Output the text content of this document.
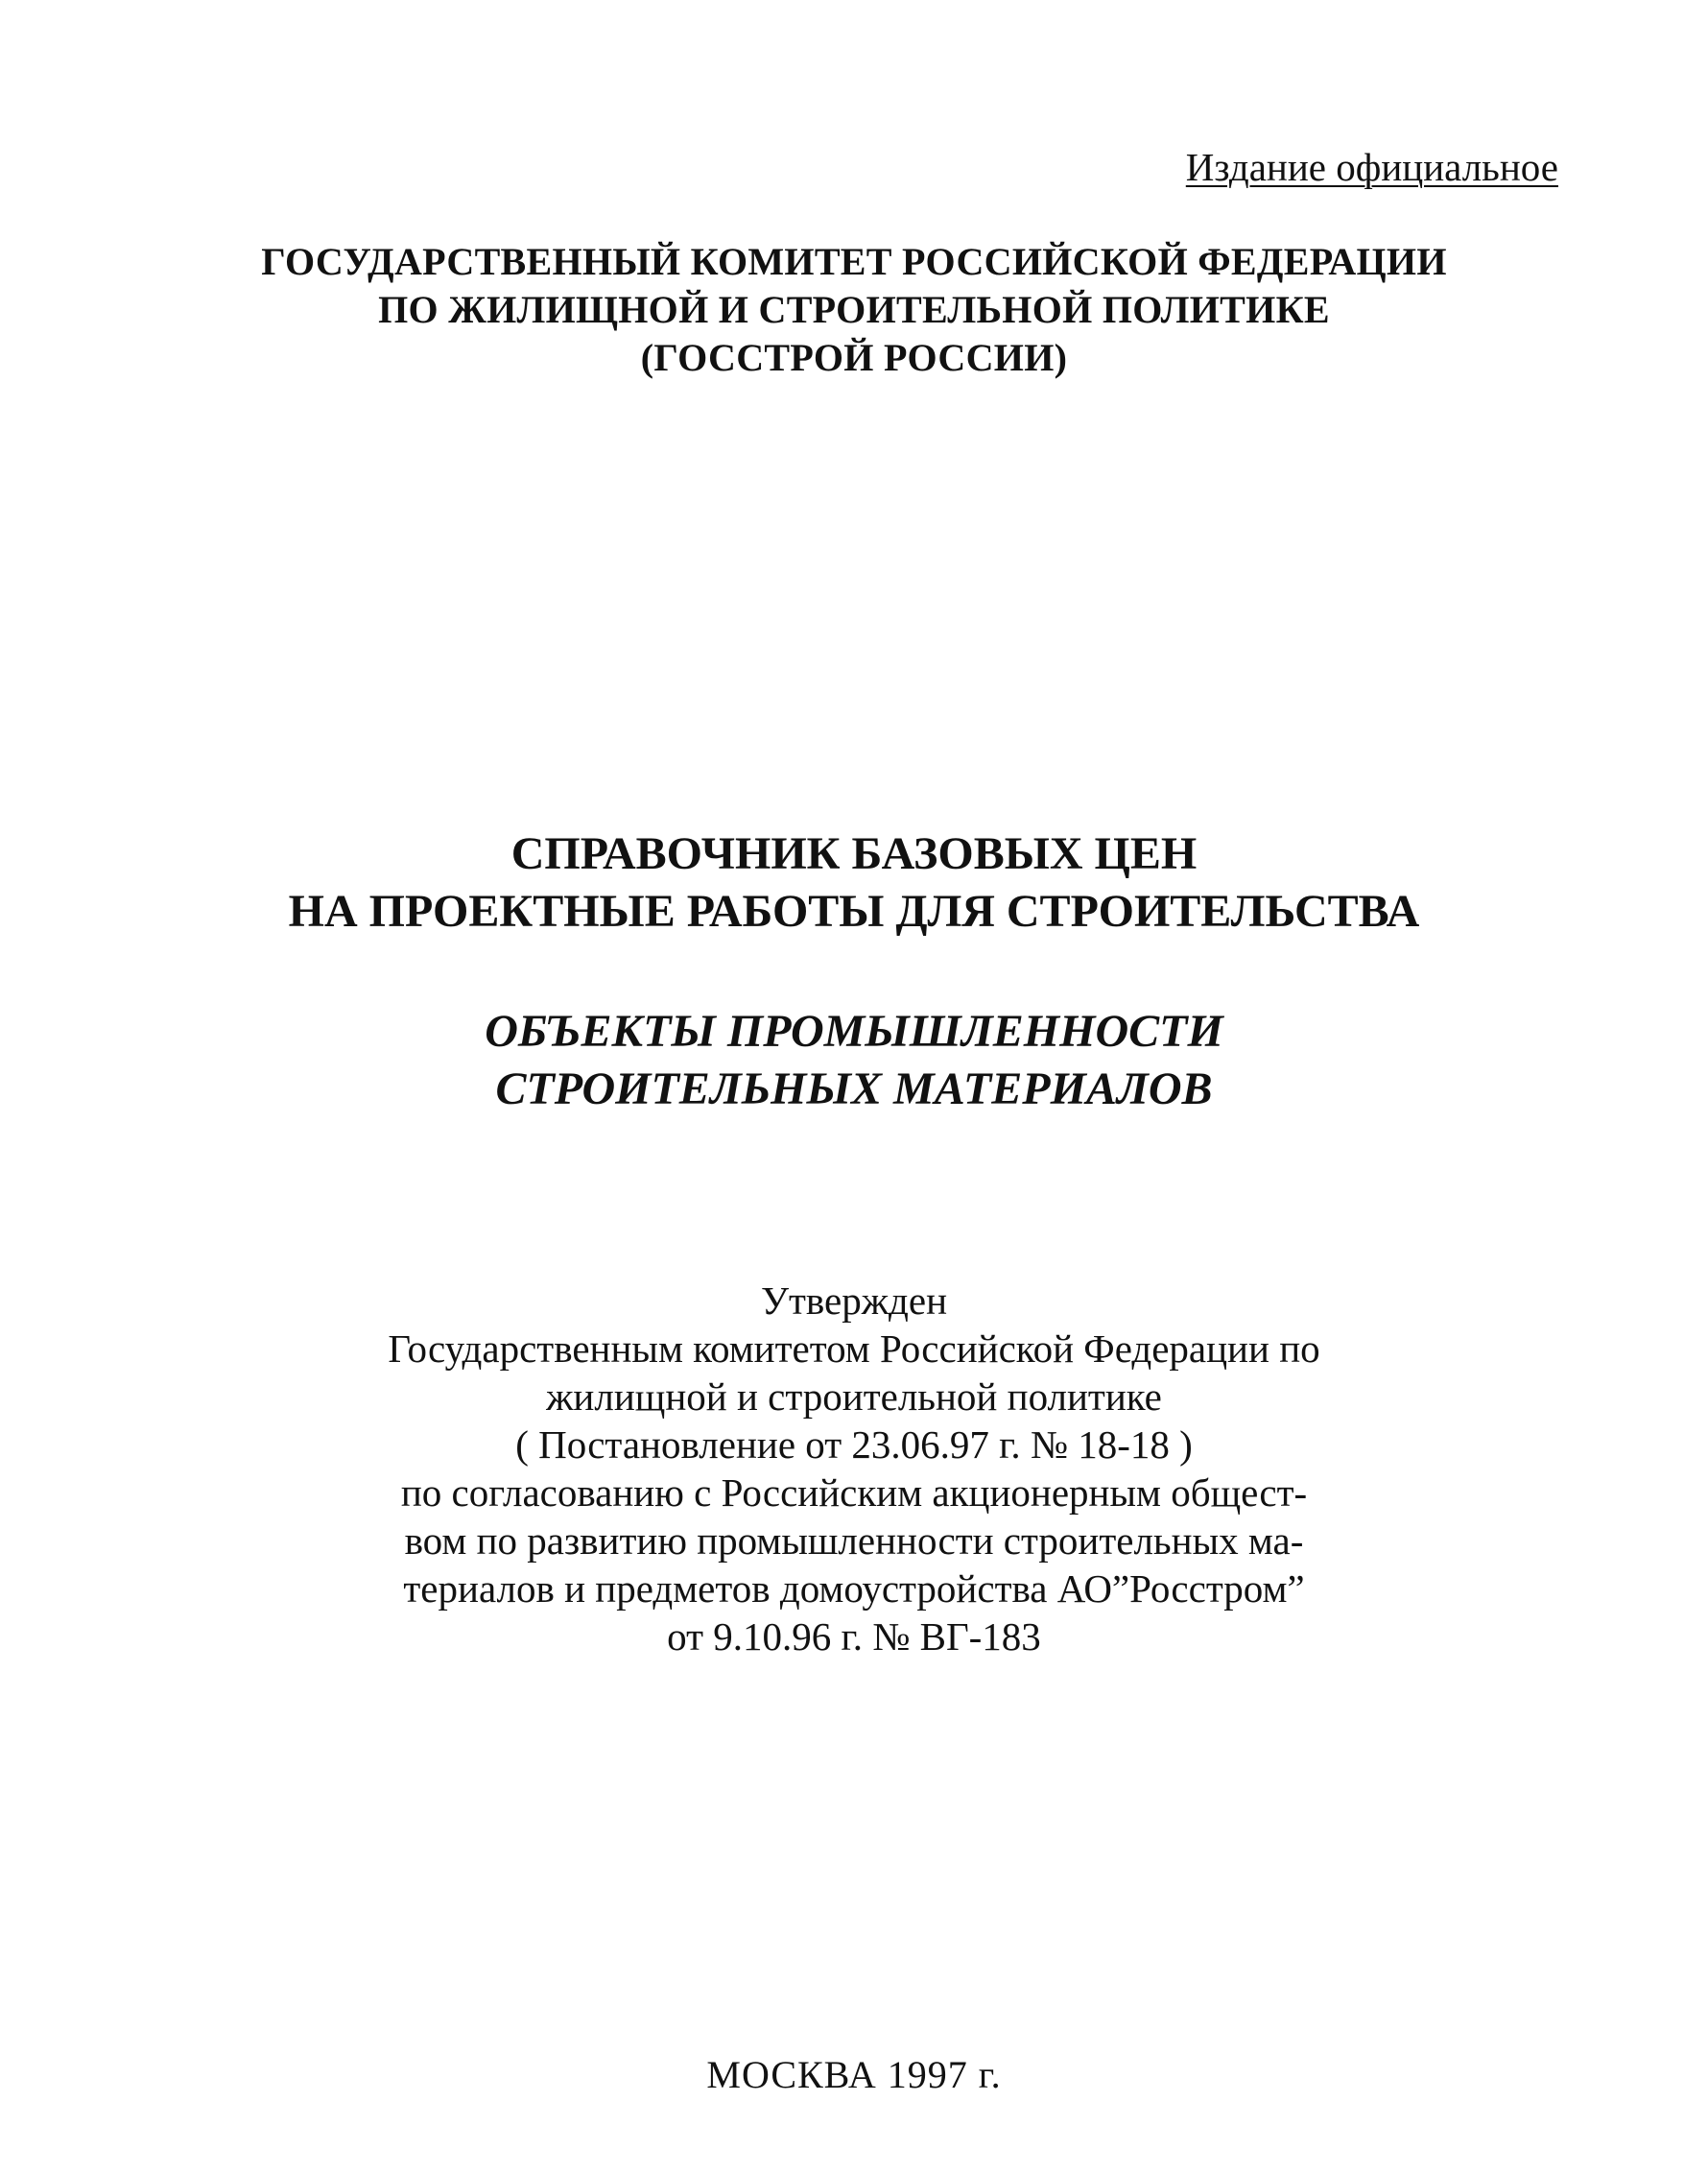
Издание официальное
ГОСУДАРСТВЕННЫЙ КОМИТЕТ РОССИЙСКОЙ ФЕДЕРАЦИИ
ПО ЖИЛИЩНОЙ И СТРОИТЕЛЬНОЙ ПОЛИТИКЕ
(ГОССТРОЙ РОССИИ)
СПРАВОЧНИК БАЗОВЫХ ЦЕН
НА ПРОЕКТНЫЕ РАБОТЫ ДЛЯ СТРОИТЕЛЬСТВА
ОБЪЕКТЫ ПРОМЫШЛЕННОСТИ
СТРОИТЕЛЬНЫХ МАТЕРИАЛОВ
Утвержден
Государственным комитетом Российской Федерации по
жилищной и строительной политике
( Постановление от 23.06.97 г. № 18-18 )
по согласованию с Российским акционерным общест-
вом по развитию промышленности строительных ма-
териалов и предметов домоустройства АО”Росстром”
от 9.10.96 г. № ВГ-183
МОСКВА 1997 г.
